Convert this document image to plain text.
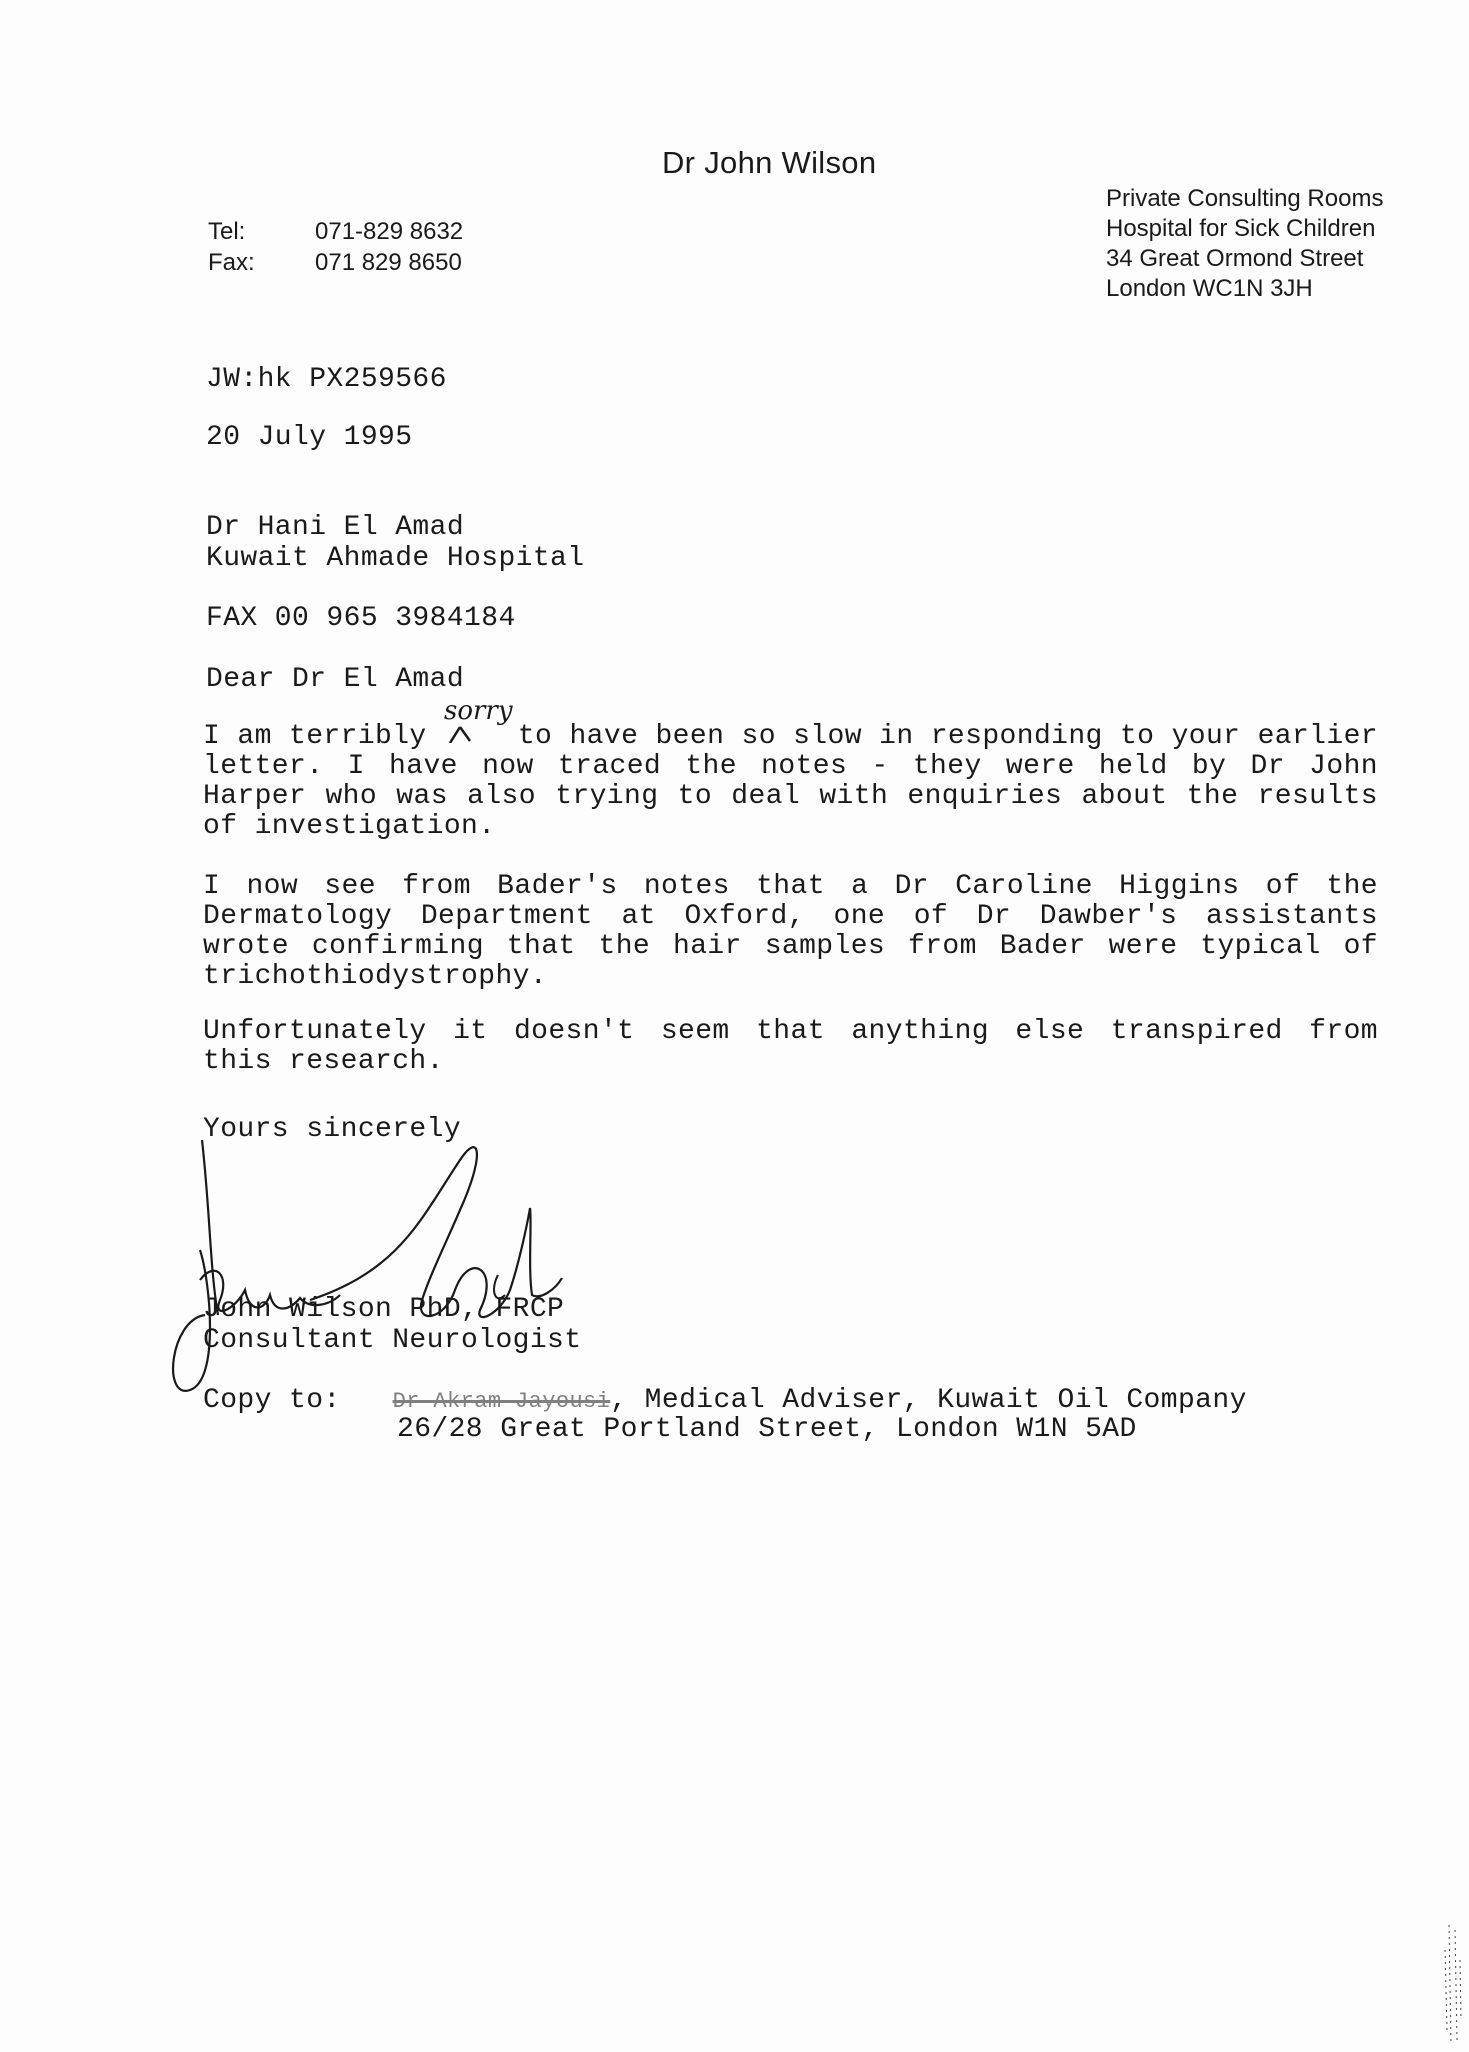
Dr John Wilson
Tel:	071-829 8632
Fax:	071 829 8650
Private Consulting Rooms
Hospital for Sick Children
34 Great Ormond Street
London WC1N 3JH
JW:hk PX259566
20 July 1995
Dr Hani El Amad
Kuwait Ahmade Hospital
FAX 00 965 3984184
Dear Dr El Amad
sorry
I am terribly	to have been so slow in responding to your earlier
letter. I have now traced the notes - they were held by Dr John Harper who was also trying to deal with enquiries about the results of investigation.
I now see from Bader's notes that a Dr Caroline Higgins of the Dermatology Department at Oxford, one of Dr Dawber's assistants wrote confirming that the hair samples from Bader were typical of trichothiodystrophy.
Unfortunately it doesn't seem that anything else transpired from this research.
Yours sincerely
John Wilson PhD, FRCP
Consultant Neurologist
Copy to: Dr Akram Jayousi, Medical Adviser, Kuwait Oil Company
26/28 Great Portland Street, London W1N 5AD
